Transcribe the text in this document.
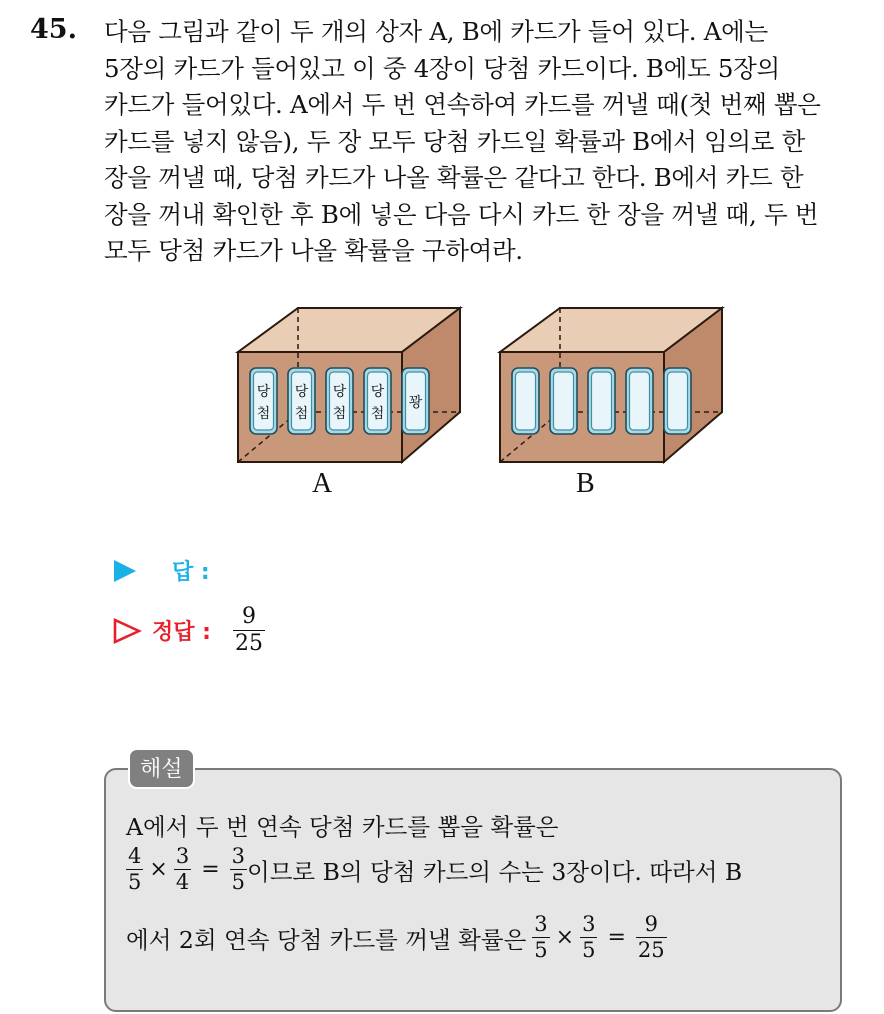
45. 다음 그림과 같이 두 개의 상자 A, B에 카드가 들어 있다. A에는
5장의 카드가 들어있고 이 중 4장이 당첨 카드이다. B에도 5장의
카드가 들어있다. A에서 두 번 연속하여 카드를 꺼낼 때(첫 번째 뽑은
카드를 넣지 않음), 두 장 모두 당첨 카드일 확률과 B에서 임의로 한
장을 꺼낼 때, 당첨 카드가 나올 확률은 같다고 한다. B에서 카드 한
장을 꺼내 확인한 후 B에 넣은 다음 다시 카드 한 장을 꺼낼 때, 두 번
모두 당첨 카드가 나올 확률을 구하여라.
당
첨
당
첨
당
첨
당
첨
꽝
A	B
답 :
정답 : $\frac{9}{25}$
해설
A에서 두 번 연속 당첨 카드를 뽑을 확률은
$\frac{4}{5} \times \frac{3}{4} = \frac{3}{5}$ 이므로 B의 당첨 카드의 수는 3장이다. 따라서 B
에서 2회 연속 당첨 카드를 꺼낼 확률은 $\frac{3}{5} \times \frac{3}{5} = \frac{9}{25}$
